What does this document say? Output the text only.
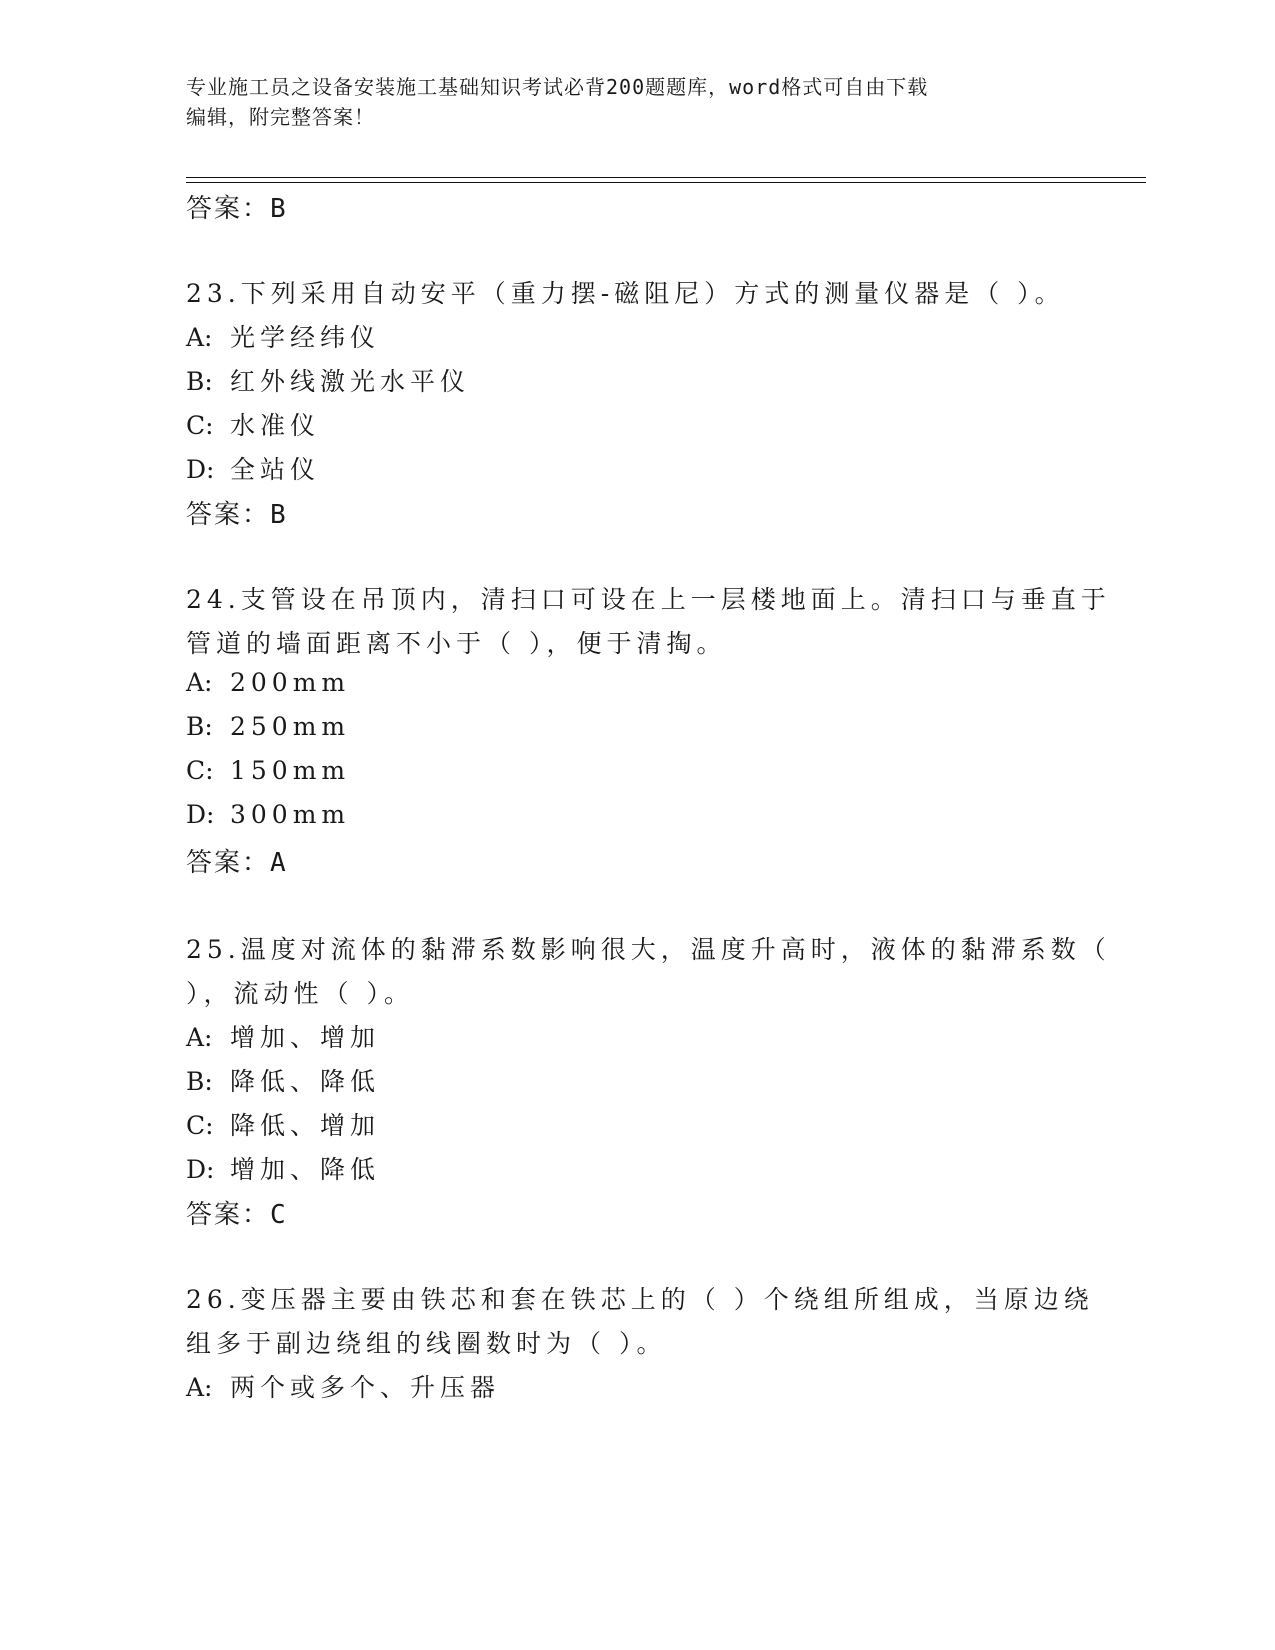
专业施工员之设备安装施工基础知识考试必背200题题库，word格式可自由下载
编辑，附完整答案！
答案：B
23.下列采用自动安平（重力摆-磁阻尼）方式的测量仪器是（ ）。
A: 光学经纬仪
B: 红外线激光水平仪
C: 水准仪
D: 全站仪
答案：B
24.支管设在吊顶内，清扫口可设在上一层楼地面上。清扫口与垂直于
管道的墙面距离不小于（ ），便于清掏。
A: 200mm
B: 250mm
C: 150mm
D: 300mm
答案：A
25.温度对流体的黏滞系数影响很大，温度升高时，液体的黏滞系数（
），流动性（ ）。
A: 增加、增加
B: 降低、降低
C: 降低、增加
D: 增加、降低
答案：C
26.变压器主要由铁芯和套在铁芯上的（ ）个绕组所组成，当原边绕
组多于副边绕组的线圈数时为（ ）。
A: 两个或多个、升压器
